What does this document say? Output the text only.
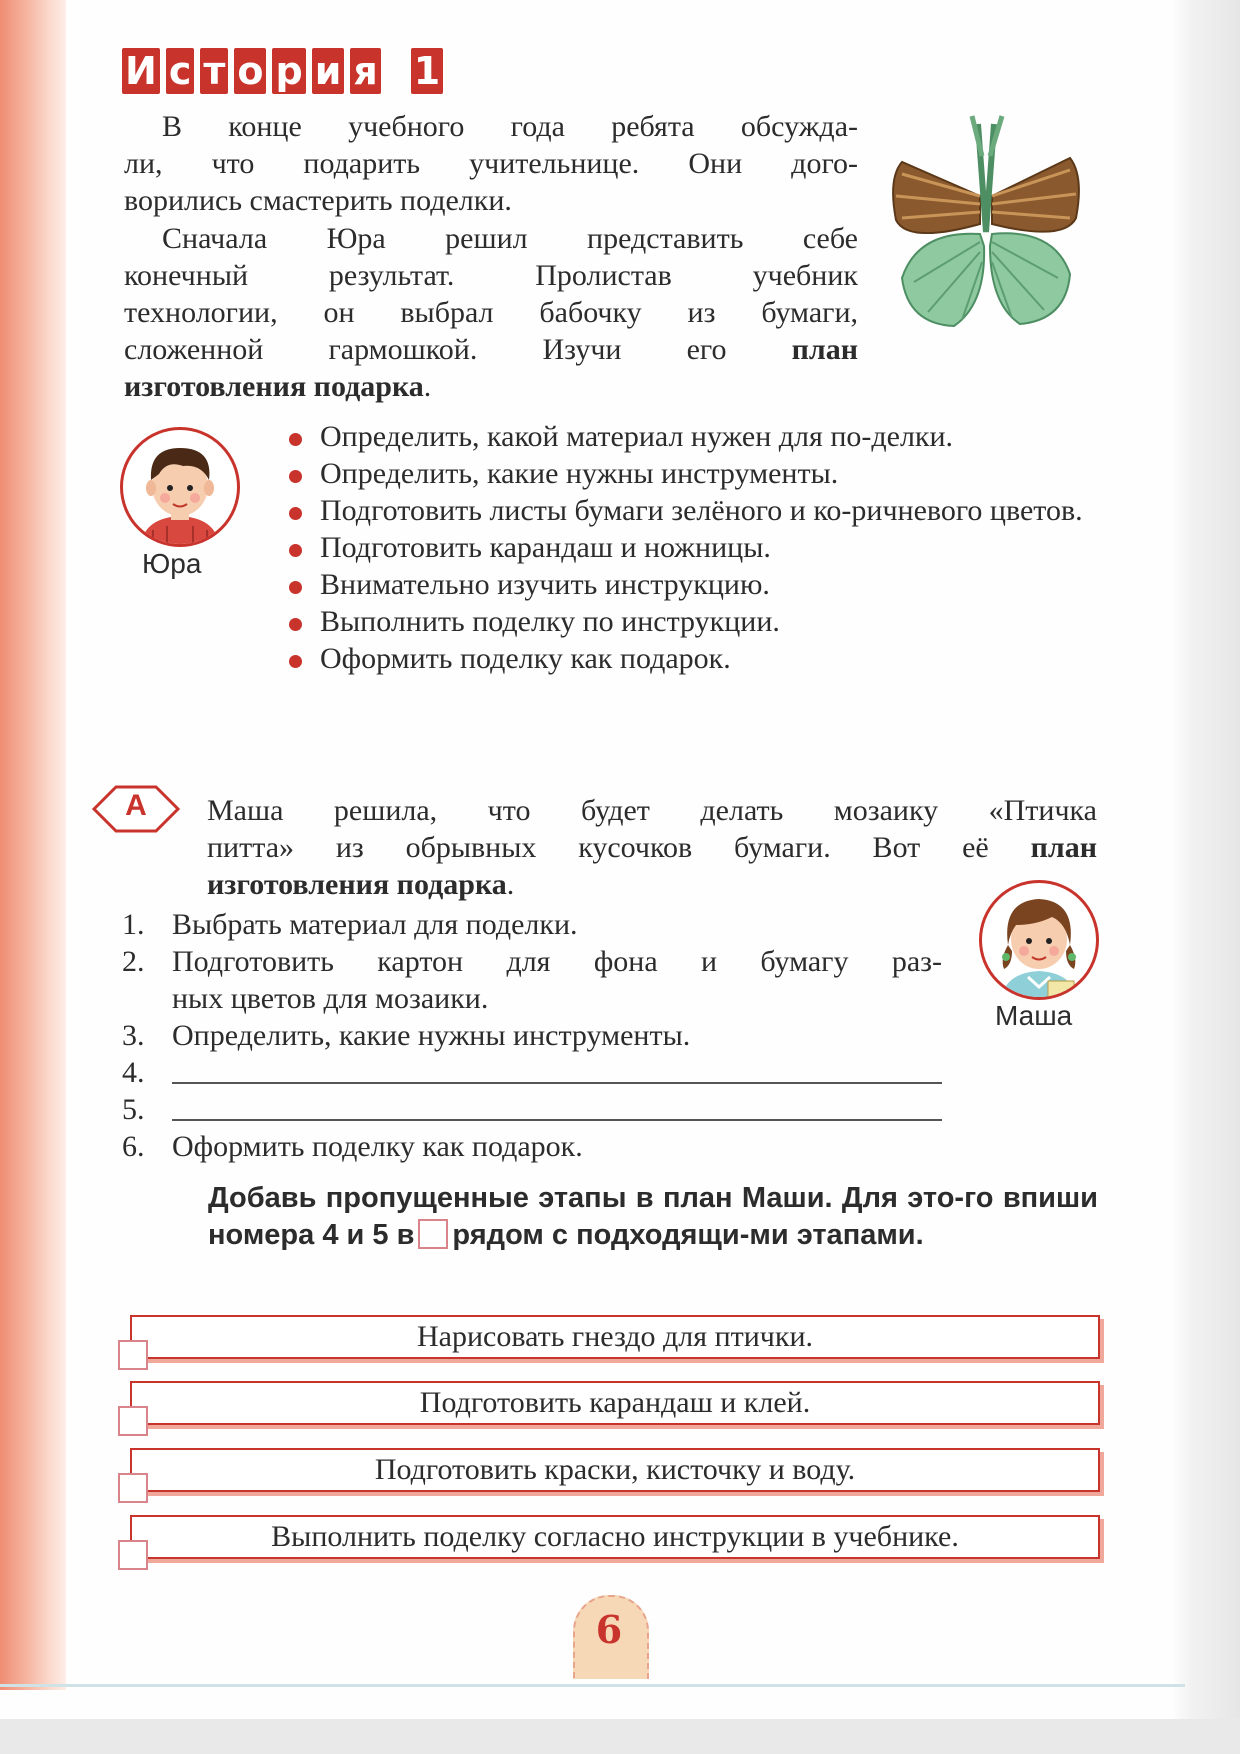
И с т о р и я 1
В конце учебного года ребята обсужда-
ли, что подарить учительнице. Они дого-
ворились смастерить поделки.
Сначала Юра решил представить себе
конечный результат. Пролистав учебник
технологии, он выбрал бабочку из бумаги,
сложенной гармошкой. Изучи его план
изготовления подарка.
Юра
Определить, какой материал нужен для по-делки.
Определить, какие нужны инструменты.
Подготовить листы бумаги зелёного и ко-ричневого цветов.
Подготовить карандаш и ножницы.
Внимательно изучить инструкцию.
Выполнить поделку по инструкции.
Оформить поделку как подарок.
А	Маша решила, что будет делать мозаику «Птичка
питта» из обрывных кусочков бумаги. Вот её план
изготовления подарка.
1. Выбрать материал для поделки.
2. Подготовить картон для фона и бумагу раз-
ных цветов для мозаики.
3. Определить, какие нужны инструменты.
4.
5.
6. Оформить поделку как подарок.
Маша
Добавь пропущенные этапы в план Маши. Для это-го впиши номера 4 и 5 в рядом с подходящи-ми этапами.
Нарисовать гнездо для птички.
Подготовить карандаш и клей.
Подготовить краски, кисточку и воду.
Выполнить поделку согласно инструкции в учебнике.
6
